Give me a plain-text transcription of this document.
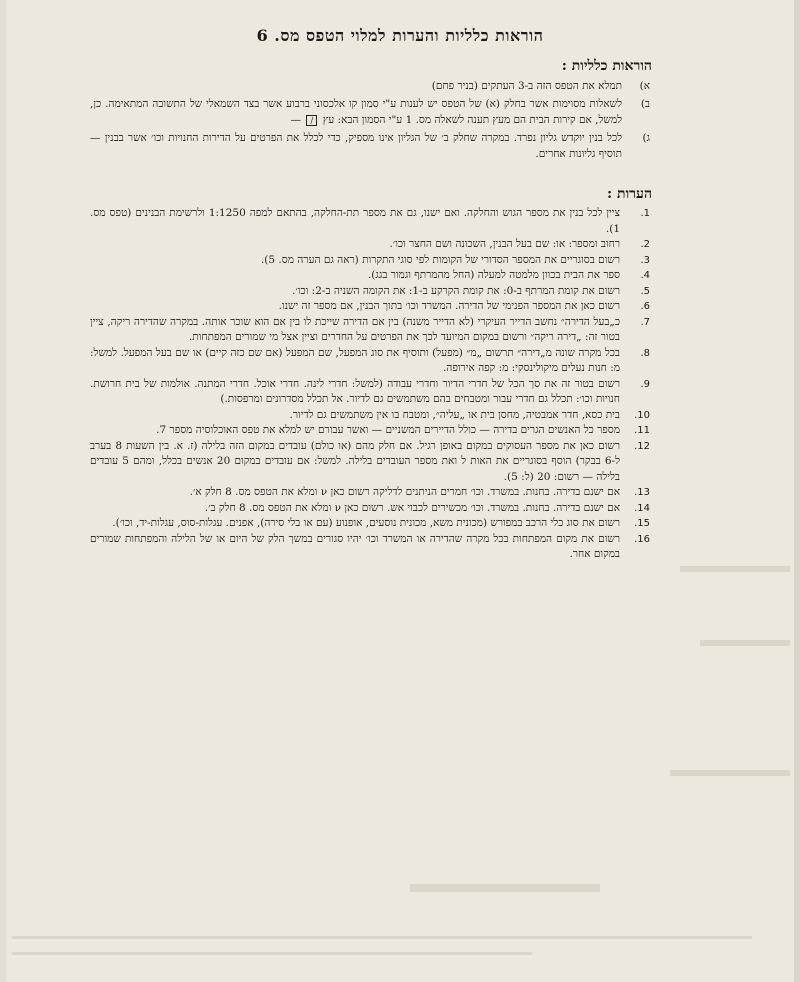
הוראות כלליות והערות למלוי הטפס מס. 6
הוראות כלליות :
א)
תמלא את הטפס הזה ב-3 העתקים (בניר פחם)
ב)
לשאלות מסוימות אשר בחלק (א) של הטפס יש לענות ע"י סמון קו אלכסוני ברבוע אשר בצד השמאלי של התשובה המתאימה. כן, למשל, אם קירות הבית הם מעץ תענה לשאלה מס. 1 ע"י הסמון הבא: עץ / —
ג)
לכל בנין יוקדש גליון נפרד. במקרה שחלק ב׳ של הגליון אינו מספיק, כדי לכלל את הפרטים על הדירות החנויות וכו׳ אשר בבנין — תוסיף גליונות אחרים.
הערות :
1.
ציין לכל בנין את מספר הגוש והחלקה. ואם ישנו, גם את מספר תת-החלקה, בהתאם למפה 1:1250 ולרשימת הבנינים (טפס מס. 1).
2.
רחוב ומספר: או: שם בעל הבנין, השכונה ושם החצר וכו׳.
3.
רשום בסוגריים את המספר הסדורי של הקומות לפי סוגי התקרות (ראה גם הערה מס. 5).
4.
ספר את הבית בכוון מלמטה למעלה (החל מהמרתף וגמור בגג).
5.
רשום את קומת המרתף ב-0: את קומת הקרקע ב-1: את הקומה השניה ב-2: וכו׳.
6.
רשום כאן את המספר הפנימי של הדירה. המשרד וכו׳ בתוך הבנין, אם מספר זה ישנו.
7.
כ„בעל הדירה״ נחשב הדייר העיקרי (לא הדייר משנה) בין אם הדירה שייכת לו בין אם הוא שוכר אותה. במקרה שהדירה ריקה, ציין בטור זה: „דירה ריקה״ ורשום במקום המיועד לכך את הפרטים על החדרים וציין אצל מי שמורים המפתחות.
8.
בכל מקרה שונה מ„דירה״ תרשום „מ״ (מפעל) ותוסיף את סוג המפעל, שם המפעל (אם שם כזה קיים) או שם בעל המפעל. למשל: מ: חנות נעלים מיקולינסקי: מ: קפה אירופה.
9.
רשום בטור זה את סך הכל של חדרי הדיור וחדרי עבודה (למשל: חדרי לינה. חדרי אוכל. חדרי המתנה. אולמות של בית חרושת. חנויות וכו׳: תכלל גם חדרי עבור ומטבחים בהם משתמשים גם לדיור. אל תכלל מסדרונים ומרפסות.)
10.
בית כסא, חדר אמבטיה, מחסן בית או „עליה״, ומטבח בו אין משתמשים גם לדיור.
11.
מספר כל האנשים הגרים בדירה — כולל הדיירים המשניים — ואשר עבורם יש למלא את טפס האוכלוסיה מספר 7.
12.
רשום כאן את מספר העסוקים במקום באופן רגיל. אם חלק מהם (או כולם) עובדים במקום הזה בלילה (ז. א. בין השעות 8 בערב ל-6 בבקר) הוסף בסוגריים את האות ל ואת מספר העובדים בלילה. למשל: אם עובדים במקום 20 אנשים בכלל, ומהם 5 עובדים בלילה — רשום: 20 (ל: 5).
13.
אם ישנם בדירה. בחנות. במשרד. וכו׳ חמרים הניתנים לדליקה רשום כאן ν ומלא את הטפס מס. 8 חלק א׳.
14.
אם ישנם בדירה. בחנות. במשרד. וכו׳ מכשירים לכבוי אש. רשום כאן ν ומלא את הטפס מס. 8 חלק ב׳.
15.
רשום את סוג כלי הרכב במפורש (מכונית משא, מכונית נוסעים, אופנוע (עם או בלי סירה), אפנים. עגלות-סוס, עגלות-יד, וכו׳).
16.
רשום את מקום המפתחות בכל מקרה שהדירה או המשרד וכו׳ יהיו סגורים במשך הלק של היום או של הלילה והמפתחות שמורים במקום אחר.
